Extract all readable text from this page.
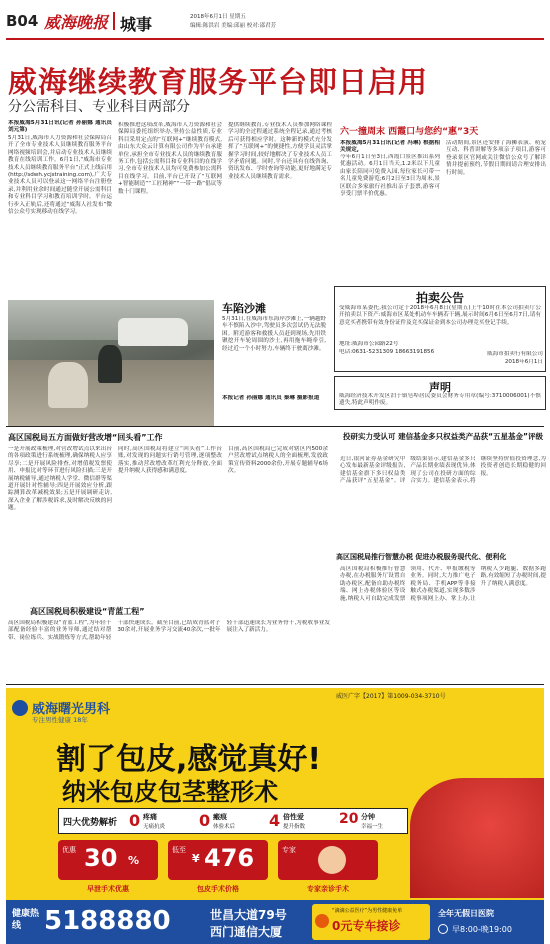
B04 威海晚报 城事	2018年6月1日 星期五
编辑:陈洪岩 美编:邱丽 校对:邵君芳
威海继续教育服务平台即日启用
分公需科目、专业科目两部分
本报威海5月31日讯(记者 孙丽娜 通讯员 刘元第)
5月31日,威海市人力资源和社会保障局召开了全市专业技术人员继续教育服务平台网络视频培训会,并启动专业技术人员继续教育在线培训工作。6月1日,“威海市专业技术人员继续教育服务平台”正式上线启用(http://sdwh.ycjstraining.com),广大专业技术人员可以登录这一网络平台注册登录,并利用业余时间通过随堂开展公需科目和专业科目学习和教育培训学时。平台运行步入正轨后,还将通过“威海人社发布”微信公众号实现移动在线学习。
积极推进这项改革,威海市人力资源和社会保障局委托组织举办,坚持公益性质,专业科目采用定点的“互联网+”继续教育模式,由山东大众云计算有限公司作为平台承建单位,承担全市专业技术人员的继续教育服务工作,包括公需科目和专业科目的在线学习,全市专业技术人员均可免费参加公需科目在线学习。目前,平台已开设了“互联网+智能制造”“工匠精神”“一带一路”倡议等数十门课程。
提供继续教育,专业技术人员参加网络课程学习的全过程通过系统全程记录,通过考核后可获得相应学时。这种新的模式充分发挥了“互联网+”的便捷性,方便学员灵活掌握学习时间,较好地解决了专业技术人员工学矛盾问题。同时,平台还具有在线咨询、资讯发布、学时查询等功能,更好地满足专业技术人员继续教育需求。
六一撞周末 西霞口与您约“惠”3天
本报威海5月31日讯(记者 冯琳) 根据相关规定,
今年6月1日至3日,西霞口景区推出系列优惠活动。6月1日当天,1.2米以下儿童由家长陪同可免费入园,每位家长可带一名儿童免费游览;6月2日至3日为周末,景区联合多家旅行社推出亲子套票,游客可享受门票半价优惠。
活动期间,景区还安排了海狮表演、萌宠互动、科普讲解等多项亲子项目,游客可登录景区官网或关注微信公众号了解详情并提前预约,节假日期间请合理安排出行时间。
车陷沙滩
5月31日,在威海市东海岸沙滩上,一辆越野车不慎陷入沙中,驾驶员多次尝试仍无法脱困。附近游客和救援人员赶到现场,先用铁锹挖开车轮周围的沙土,再用拖车绳牵引,经过近一个小时努力,车辆终于驶离沙滩。
本报记者 孙丽娜 通讯员 秦琳 摄影报道
拍卖公告
受威海市某委托,我公司定于2018年6月8日(星期五)上午10时在本公司拍卖厅公开拍卖以下资产:威海市区某处机动车车辆若干辆,展示时间6月6日至6月7日,请有意竞买者携带有效身份证件及竞买保证金到本公司办理竞买登记手续。
地址:威海市公园路22号
电话:0631-5231309 18663191856	威海市拍卖行有限公司
2018年6月1日
声明
威海经济技术开发区泊于镇皂埠居民委员会财务专用章(编号:3710006001)不慎遗失,特此声明作废。
高区国税局五方面做好营改增“回头看”工作
一是开展政策梳理,对营改增试点以来出台的各项政策进行系统梳理,确保纳税人应享尽享;二是开展风险排查,对增值税发票使用、申报比对等环节进行风险扫描;三是开展纳税辅导,通过纳税人学堂、微信群等渠道开展针对性辅导;四是开展效应分析,跟踪测算改革减税效果;五是开展调研走访,深入企业了解涉税诉求,及时解决反映的问题。
同时,高区国税局将建立“回头看”工作台账,对发现的问题实行销号管理,逐项整改落实,推动营改增改革红利充分释放,全面提升纳税人获得感和满意度。
目前,高区国税局已完成对辖区内500余户营改增试点纳税人的全面梳理,发放政策宣传资料2000余份,开展专题辅导6场次。
高区国税局积极建设“青蓝工程”
高区国税局积极建设“青蓝工程”,为年轻干部配备经验丰富的业务导师,通过结对帮带、岗位练兵、实战锻炼等方式,帮助年轻干部快速成长。截至目前,已结成青蓝对子30余对,开展业务学习交流40余次,一批年轻干部迅速成长为业务骨干,为税收事业发展注入了新活力。
投研实力受认可 建信基金多只权益类产品获“五星基金”评级
近日,银河证券基金研究中心发布最新基金评级报告,建信基金旗下多只权益类产品获评“五星基金”。评级结果显示,建信基金多只产品长期业绩表现优异,体现了公司在投研方面的综合实力。建信基金表示,将继续坚持价值投资理念,为投资者创造长期稳健的回报。
高区国税局推行智慧办税 促进办税服务现代化、便利化
高区国税局积极推行智慧办税,在办税服务厅设置自助办税区,配备自助办税终端、网上办税体验区等设施,纳税人可自助完成发票领用、代开、申报缴税等业务。同时,大力推广电子税务局、手机APP等非接触式办税渠道,实现多数涉税事项网上办、掌上办,让纳税人少跑腿、数据多跑路,有效缩短了办税时间,提升了纳税人满意度。
威医广字【2017】第1009-034-3710号
威海曙光男科
专注男性健康 18年
割了包皮,感觉真好!
纳米包皮包茎整形术
四大优势解析 0 疼痛
无痛抗炎 0 瘢痕
体验术后 4 倍性爱
提升指数 20 分钟
幸福一生
优惠 30 %
早泄手术优惠
低至
¥ 476
包皮手术价格
专家
专家亲诊手术
健康热线 5188880	世昌大道79号
西门通信大厦
“滴滴公益医疗”为男性健康免单
0元专车接诊
全年无假日医院
早8:00-晚19:00
